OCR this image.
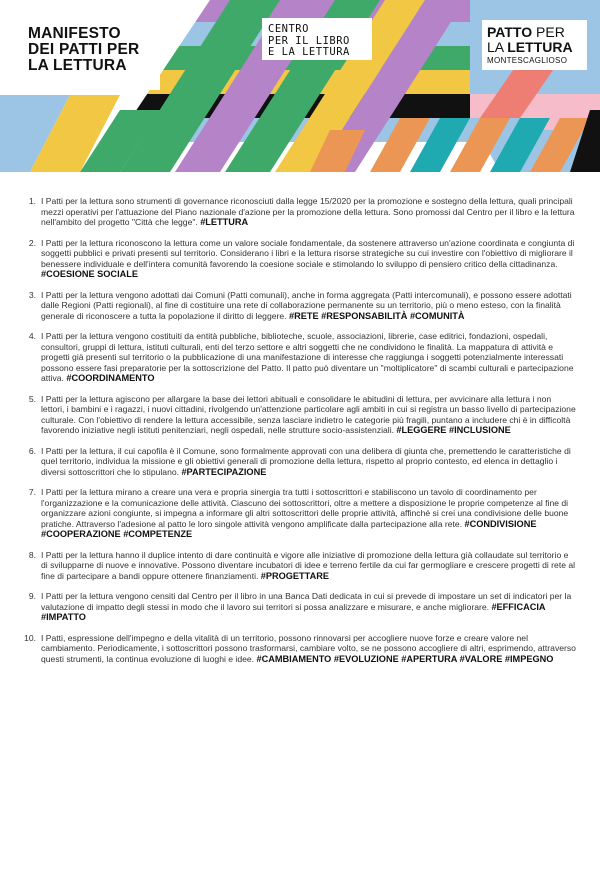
MANIFESTO
DEI PATTI PER
LA LETTURA
CENTRO
PER IL LIBRO
E LA LETTURA
PATTO PER
LA LETTURA
MONTESCAGLIOSO
1. I Patti per la lettura sono strumenti di governance riconosciuti dalla legge 15/2020 per la promozione e sostegno della lettura, quali principali mezzi operativi per l'attuazione del Piano nazionale d'azione per la promozione della lettura. Sono promossi dal Centro per il libro e la lettura nell'ambito del progetto "Città che legge". #LETTURA
2. I Patti per la lettura riconoscono la lettura come un valore sociale fondamentale, da sostenere attraverso un'azione coordinata e congiunta di soggetti pubblici e privati presenti sul territorio. Considerano i libri e la lettura risorse strategiche su cui investire con l'obiettivo di migliorare il benessere individuale e dell'intera comunità favorendo la coesione sociale e stimolando lo sviluppo di pensiero critico della cittadinanza. #COESIONE SOCIALE
3. I Patti per la lettura vengono adottati dai Comuni (Patti comunali), anche in forma aggregata (Patti intercomunali), e possono essere adottati dalle Regioni (Patti regionali), al fine di costituire una rete di collaborazione permanente su un territorio, più o meno esteso, con la finalità generale di riconoscere a tutta la popolazione il diritto di leggere. #RETE #RESPONSABILITÀ #COMUNITÀ
4. I Patti per la lettura vengono costituiti da entità pubbliche, biblioteche, scuole, associazioni, librerie, case editrici, fondazioni, ospedali, consultori, gruppi di lettura, istituti culturali, enti del terzo settore e altri soggetti che ne condividono le finalità. La mappatura di attività e progetti già presenti sul territorio o la pubblicazione di una manifestazione di interesse che raggiunga i soggetti potenzialmente interessati possono essere fasi preparatorie per la sottoscrizione del Patto. Il patto può diventare un "moltiplicatore" di scambi culturali e partecipazione attiva. #COORDINAMENTO
5. I Patti per la lettura agiscono per allargare la base dei lettori abituali e consolidare le abitudini di lettura, per avvicinare alla lettura i non lettori, i bambini e i ragazzi, i nuovi cittadini, rivolgendo un'attenzione particolare agli ambiti in cui si registra un basso livello di partecipazione culturale. Con l'obiettivo di rendere la lettura accessibile, senza lasciare indietro le categorie più fragili, puntano a includere chi è in difficoltà favorendo iniziative negli istituti penitenziari, negli ospedali, nelle strutture socio-assistenziali. #LEGGERE #INCLUSIONE
6. I Patti per la lettura, il cui capofila è il Comune, sono formalmente approvati con una delibera di giunta che, premettendo le caratteristiche di quel territorio, individua la missione e gli obiettivi generali di promozione della lettura, rispetto al proprio contesto, ed elenca in dettaglio i diversi sottoscrittori che lo stipulano. #PARTECIPAZIONE
7. I Patti per la lettura mirano a creare una vera e propria sinergia tra tutti i sottoscrittori e stabiliscono un tavolo di coordinamento per l'organizzazione e la comunicazione delle attività. Ciascuno dei sottoscrittori, oltre a mettere a disposizione le proprie competenze al fine di organizzare azioni congiunte, si impegna a informare gli altri sottoscrittori delle proprie attività, affinché si crei una condivisione delle buone pratiche. Attraverso l'adesione al patto le loro singole attività vengono amplificate dalla partecipazione alla rete. #CONDIVISIONE #COOPERAZIONE #COMPETENZE
8. I Patti per la lettura hanno il duplice intento di dare continuità e vigore alle iniziative di promozione della lettura già collaudate sul territorio e di svilupparne di nuove e innovative. Possono diventare incubatori di idee e terreno fertile da cui far germogliare e crescere progetti di rete al fine di partecipare a bandi oppure ottenere finanziamenti. #PROGETTARE
9. I Patti per la lettura vengono censiti dal Centro per il libro in una Banca Dati dedicata in cui si prevede di impostare un set di indicatori per la valutazione di impatto degli stessi in modo che il lavoro sui territori si possa analizzare e misurare, e anche migliorare. #EFFICACIA #IMPATTO
10. I Patti, espressione dell'impegno e della vitalità di un territorio, possono rinnovarsi per accogliere nuove forze e creare valore nel cambiamento. Periodicamente, i sottoscrittori possono trasformarsi, cambiare volto, se ne possono accogliere di altri, esprimendo, attraverso questi strumenti, la continua evoluzione di luoghi e idee. #CAMBIAMENTO #EVOLUZIONE #APERTURA #VALORE #IMPEGNO
